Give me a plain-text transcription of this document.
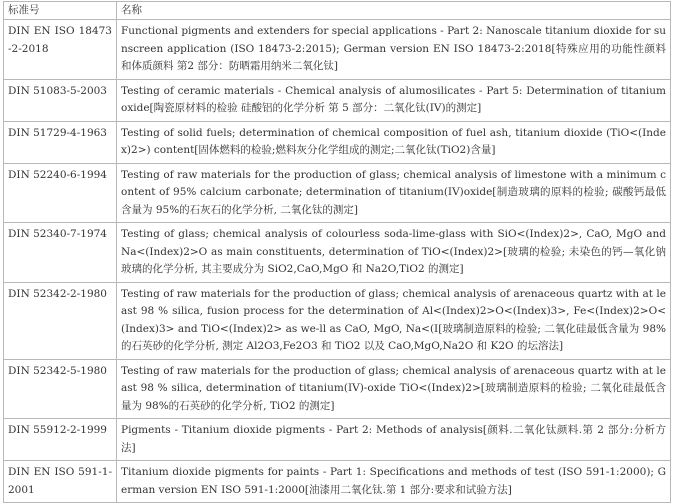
标准号	名称
DIN EN ISO 18473-2-2018	Functional pigments and extenders for special applications - Part 2: Nanoscale titanium dioxide for sunscreen application (ISO 18473-2:2015); German version EN ISO 18473-2:2018[特殊应用的功能性颜料和体质颜料 第2 部分：防晒霜用纳米二氧化钛]
DIN 51083-5-2003	Testing of ceramic materials - Chemical analysis of alumosilicates - Part 5: Determination of titanium oxide[陶瓷原材料的检验 硅酸铝的化学分析 第 5 部分：二氧化钛(IV)的测定]
DIN 51729-4-1963	Testing of solid fuels; determination of chemical composition of fuel ash, titanium dioxide (TiO<(Index)2>) content[固体燃料的检验;燃料灰分化学组成的测定;二氧化钛(TiO2)含量]
DIN 52240-6-1994	Testing of raw materials for the production of glass; chemical analysis of limestone with a minimum content of 95% calcium carbonate; determination of titanium(IV)oxide[制造玻璃的原料的检验; 碳酸钙最低含量为 95%的石灰石的化学分析, 二氧化钛的测定]
DIN 52340-7-1974	Testing of glass; chemical analysis of colourless soda-lime-glass with SiO<(Index)2>, CaO, MgO and Na<(Index)2>O as main constituents, determination of TiO<(Index)2>[玻璃的检验; 未染色的钙—氧化钠玻璃的化学分析, 其主要成分为 SiO2,CaO,MgO 和 Na2O,TiO2 的测定]
DIN 52342-2-1980	Testing of raw materials for the production of glass; chemical analysis of arenaceous quartz with at least 98 % silica, fusion process for the determination of Al<(Index)2>O<(Index)3>, Fe<(Index)2>O<(Index)3> and TiO<(Index)2> as we-ll as CaO, MgO, Na<(I[玻璃制造原料的检验; 二氧化硅最低含量为 98% 的石英砂的化学分析, 测定 Al2O3,Fe2O3 和 TiO2 以及 CaO,MgO,Na2O 和 K2O 的坛溶法]
DIN 52342-5-1980	Testing of raw materials for the production of glass; chemical analysis of arenaceous quartz with at least 98 % silica, determination of titanium(IV)-oxide TiO<(Index)2>[玻璃制造原料的检验; 二氧化硅最低含量为 98%的石英砂的化学分析, TiO2 的测定]
DIN 55912-2-1999	Pigments - Titanium dioxide pigments - Part 2: Methods of analysis[颜料.二氧化钛颜料.第 2 部分:分析方法]
DIN EN ISO 591-1-2001	Titanium dioxide pigments for paints - Part 1: Specifications and methods of test (ISO 591-1:2000); German version EN ISO 591-1:2000[油漆用二氧化钛.第 1 部分:要求和试验方法]
